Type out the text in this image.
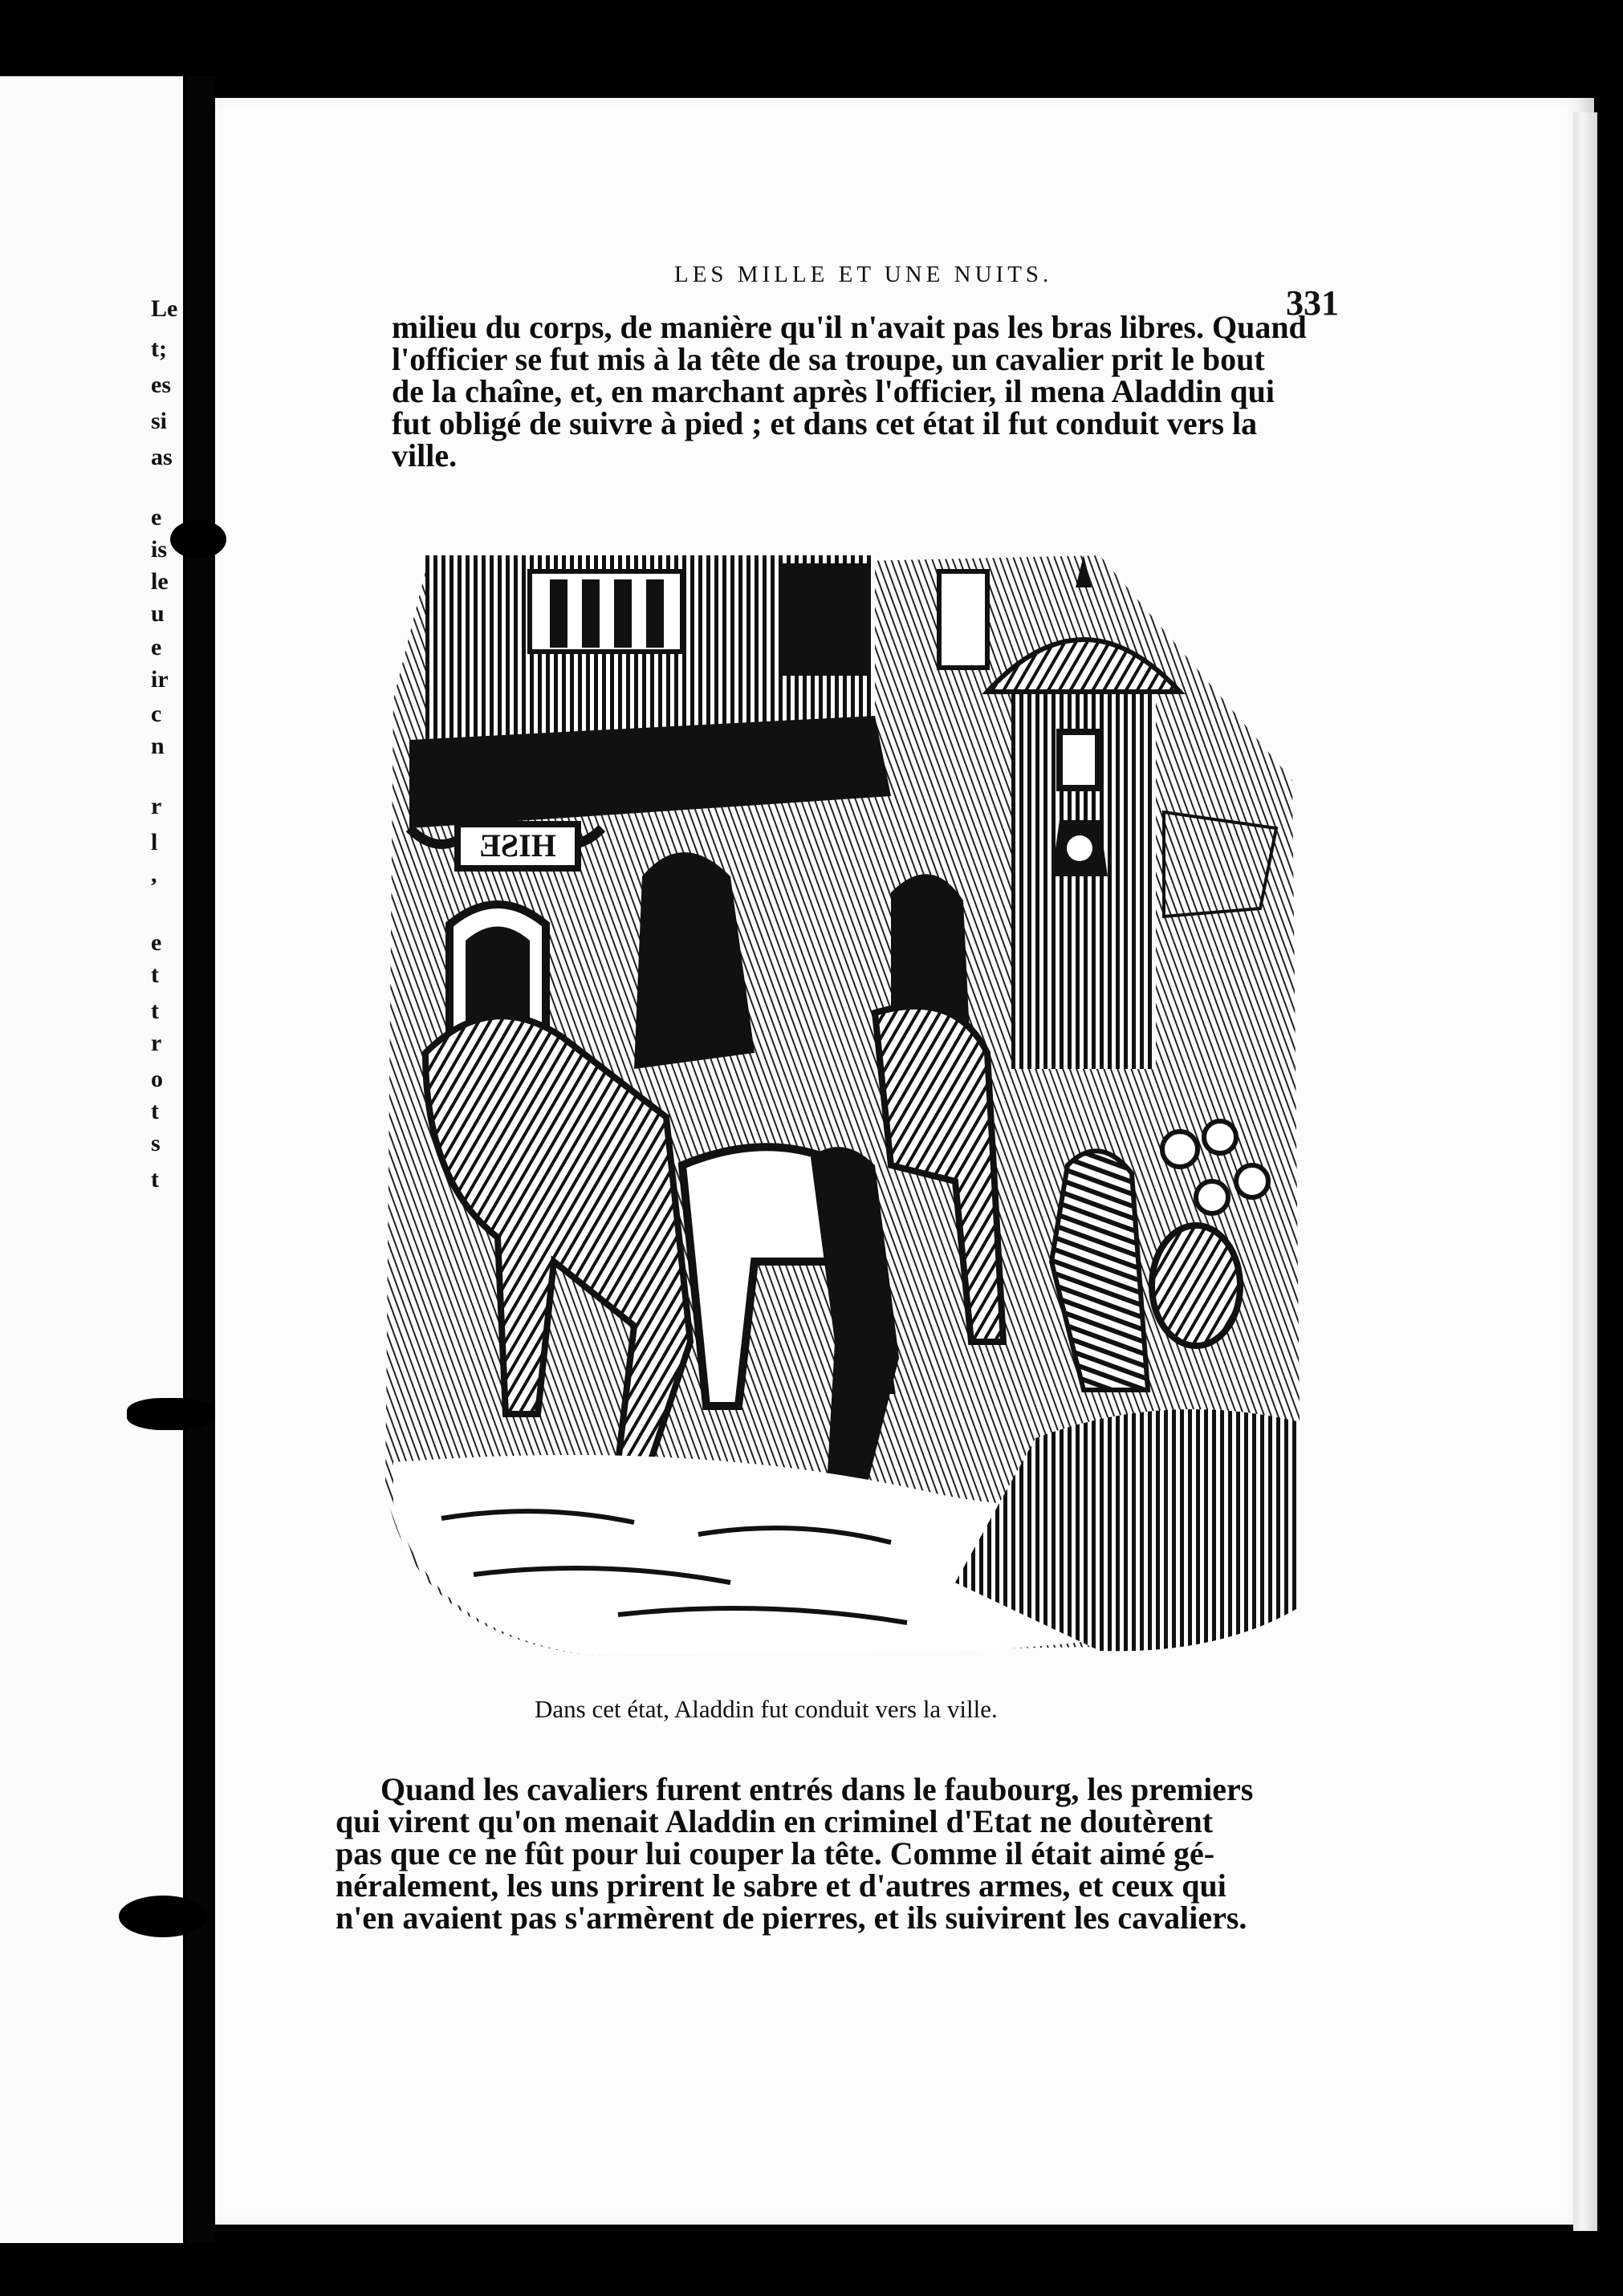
Le

t;

es

si

as

e

is

le

u

e

ir

c

n

r

l

,

e

t

t

r

o

t

s

t

LES MILLE ET UNE NUITS.

331

milieu du corps, de manière qu'il n'avait pas les bras libres. Quand
l'officier se fut mis à la tête de sa troupe, un cavalier prit le bout
de la chaîne, et, en marchant après l'officier, il mena Aladdin qui
fut obligé de suivre à pied ; et dans cet état il fut conduit vers la
ville.

HISE

Dans cet état, Aladdin fut conduit vers la ville.

Quand les cavaliers furent entrés dans le faubourg, les premiers
qui virent qu'on menait Aladdin en criminel d'Etat ne doutèrent
pas que ce ne fût pour lui couper la tête. Comme il était aimé gé-
néralement, les uns prirent le sabre et d'autres armes, et ceux qui
n'en avaient pas s'armèrent de pierres, et ils suivirent les cavaliers.
